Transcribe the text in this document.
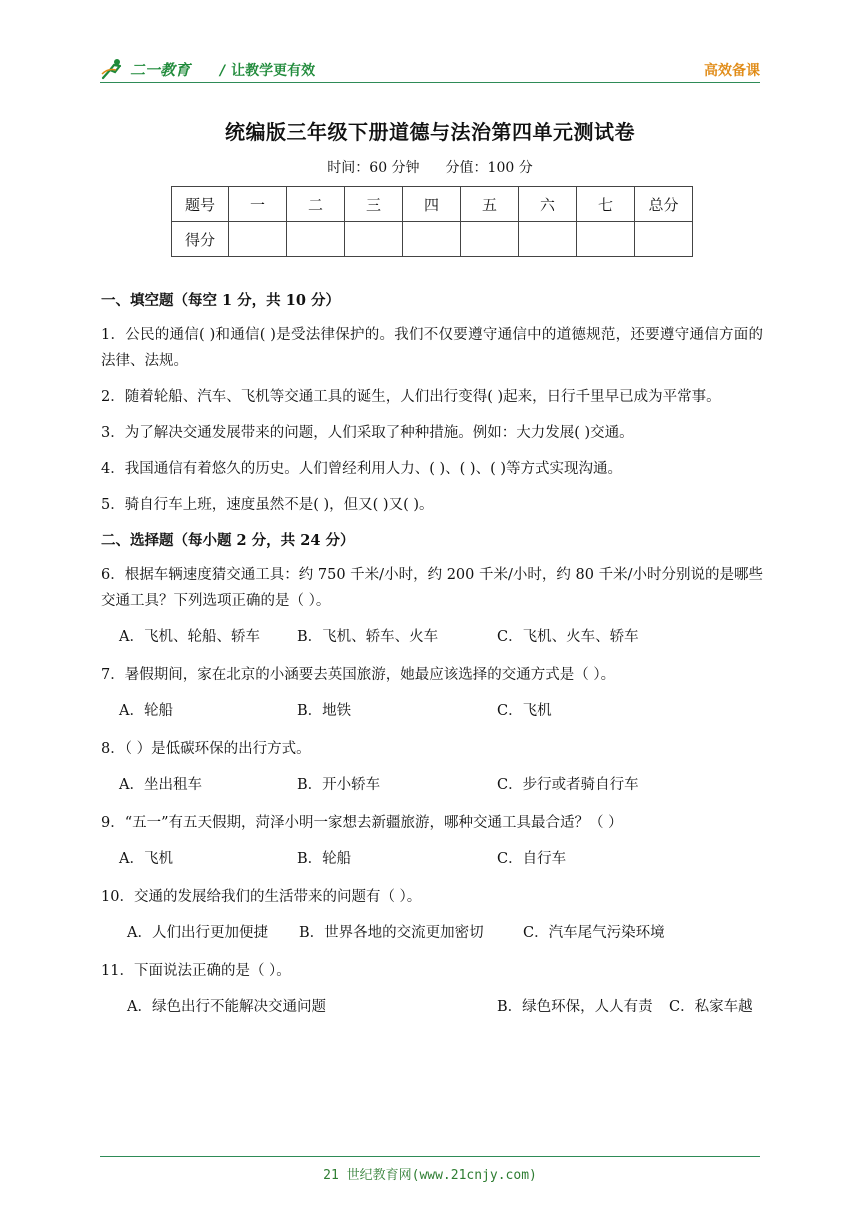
二一教育 / 让教学更有效	高效备课
统编版三年级下册道德与法治第四单元测试卷
时间：60 分钟 分值：100 分
题号	一	二	三	四	五	六	七	总分
得分								
一、填空题（每空 1 分，共 10 分）
1．公民的通信( )和通信( )是受法律保护的。我们不仅要遵守通信中的道德规范，还要遵守通信方面的法律、法规。
2．随着轮船、汽车、飞机等交通工具的诞生，人们出行变得( )起来，日行千里早已成为平常事。
3．为了解决交通发展带来的问题，人们采取了种种措施。例如：大力发展( )交通。
4．我国通信有着悠久的历史。人们曾经利用人力、( )、( )、( )等方式实现沟通。
5．骑自行车上班，速度虽然不是( )，但又( )又( )。
二、选择题（每小题 2 分，共 24 分）
6．根据车辆速度猜交通工具：约 750 千米/小时，约 200 千米/小时，约 80 千米/小时分别说的是哪些交通工具？下列选项正确的是（ ）。
A．飞机、轮船、轿车	B．飞机、轿车、火车	C．飞机、火车、轿车
7．暑假期间，家在北京的小涵要去英国旅游，她最应该选择的交通方式是（ ）。
A．轮船	B．地铁	C．飞机
8．（ ）是低碳环保的出行方式。
A．坐出租车	B．开小轿车	C．步行或者骑自行车
9．“五一”有五天假期，菏泽小明一家想去新疆旅游，哪种交通工具最合适？（ ）
A．飞机	B．轮船	C．自行车
10．交通的发展给我们的生活带来的问题有（ ）。
A．人们出行更加便捷	B．世界各地的交流更加密切	C．汽车尾气污染环境
11．下面说法正确的是（ ）。
A．绿色出行不能解决交通问题	B．绿色环保，人人有责	C．私家车越
21 世纪教育网(www.21cnjy.com)
